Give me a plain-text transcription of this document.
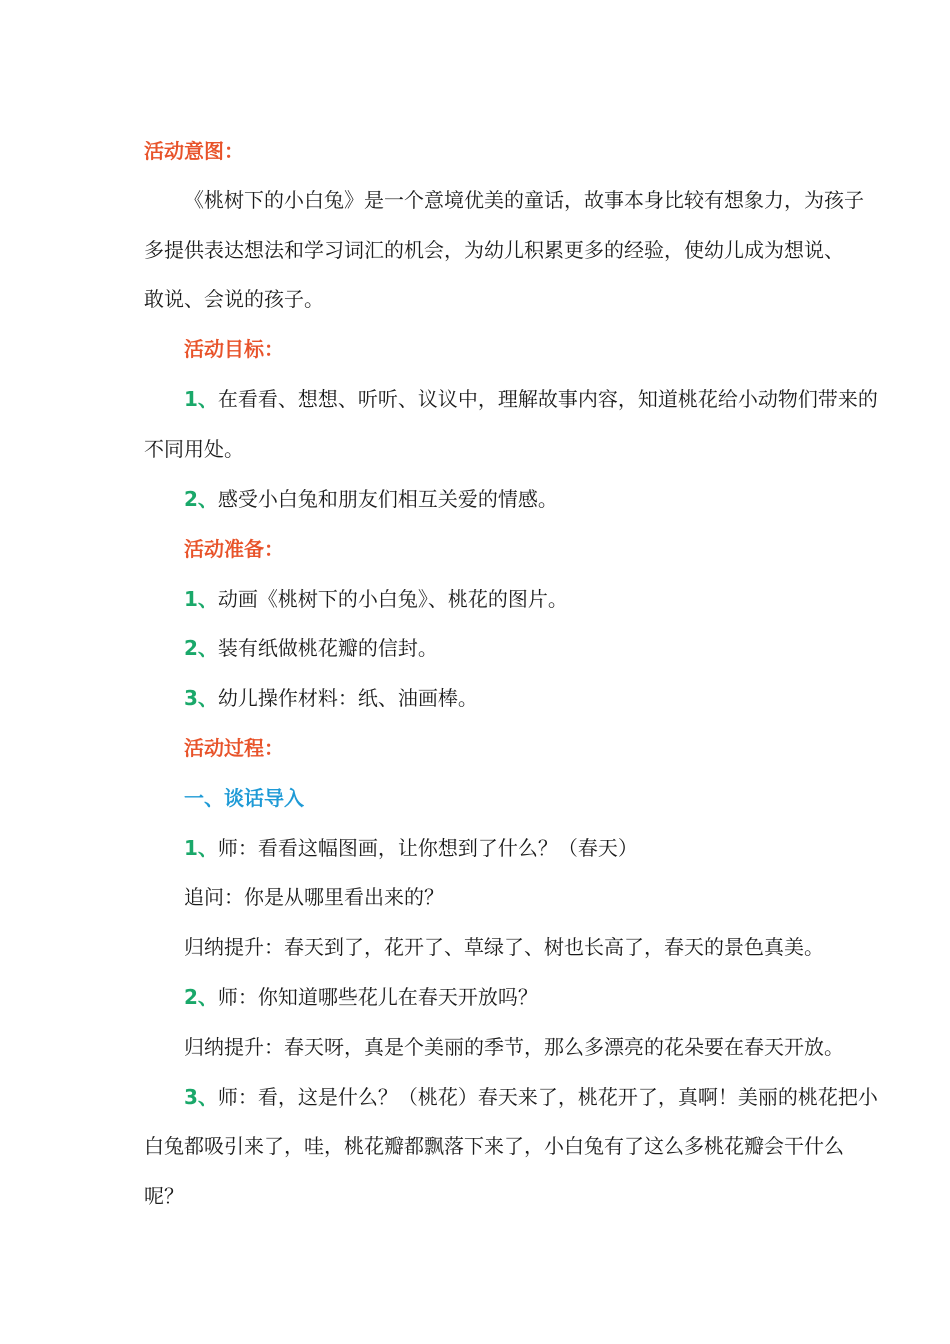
活动意图：
《桃树下的小白兔》是一个意境优美的童话，故事本身比较有想象力，为孩子
多提供表达想法和学习词汇的机会，为幼儿积累更多的经验，使幼儿成为想说、
敢说、会说的孩子。
活动目标：
1、在看看、想想、听听、议议中，理解故事内容，知道桃花给小动物们带来的
不同用处。
2、感受小白兔和朋友们相互关爱的情感。
活动准备：
1、动画《桃树下的小白兔》、桃花的图片。
2、装有纸做桃花瓣的信封。
3、幼儿操作材料：纸、油画棒。
活动过程：
一、谈话导入
1、师：看看这幅图画，让你想到了什么？（春天）
追问：你是从哪里看出来的？
归纳提升：春天到了，花开了、草绿了、树也长高了，春天的景色真美。
2、师：你知道哪些花儿在春天开放吗？
归纳提升：春天呀，真是个美丽的季节，那么多漂亮的花朵要在春天开放。
3、师：看，这是什么？（桃花）春天来了，桃花开了，真啊！美丽的桃花把小
白兔都吸引来了，哇，桃花瓣都飘落下来了，小白兔有了这么多桃花瓣会干什么
呢？
